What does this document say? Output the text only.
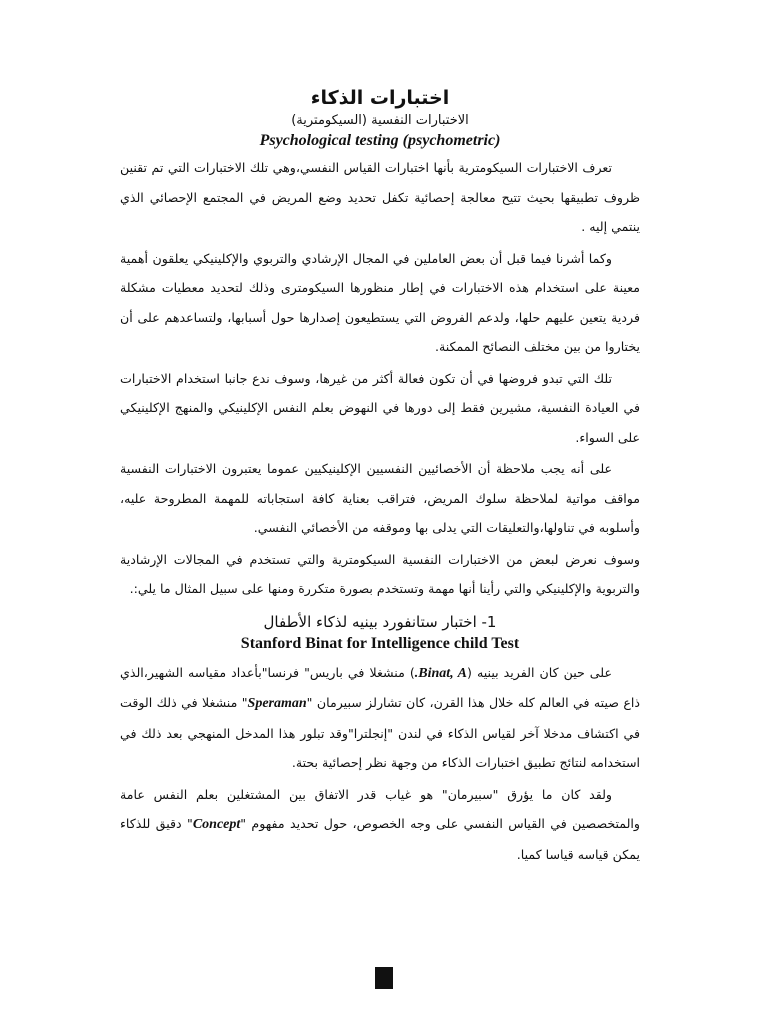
اختبارات الذكاء
الاختبارات النفسية (السيكومترية)
Psychological testing (psychometric)

تعرف الاختبارات السيكومترية بأنها اختبارات القياس النفسي،وهي تلك الاختبارات التي تم تقنين ظروف تطبيقها بحيث تتيح معالجة إحصائية تكفل تحديد وضع المريض في المجتمع الإحصائي الذي ينتمي إليه .

وكما أشرنا فيما قبل أن بعض العاملين في المجال الإرشادي والتربوي والإكلينيكي يعلقون أهمية معينة على استخدام هذه الاختبارات في إطار منظورها السيكومترى وذلك لتحديد معطيات مشكلة فردية يتعين عليهم حلها، ولدعم الفروض التي يستطيعون إصدارها حول أسبابها، ولتساعدهم على أن يختاروا من بين مختلف النصائح الممكنة.

تلك التي تبدو فروضها في أن تكون فعالة أكثر من غيرها، وسوف ندع جانبا استخدام الاختبارات في العيادة النفسية، مشيرين فقط إلى دورها في النهوض بعلم النفس الإكلينيكي والمنهج الإكلينيكي على السواء.

على أنه يجب ملاحظة أن الأخصائيين النفسيين الإكلينيكيين عموما يعتبرون الاختبارات النفسية مواقف مواتية لملاحظة سلوك المريض، فتراقب بعناية كافة استجاباته للمهمة المطروحة عليه، وأسلوبه في تناولها،والتعليقات التي يدلى بها وموقفه من الأخصائي النفسي.

وسوف نعرض لبعض من الاختبارات النفسية السيكومترية والتي تستخدم في المجالات الإرشادية والتربوية والإكلينيكي والتي رأينا أنها مهمة وتستخدم بصورة متكررة ومنها على سبيل المثال ما يلي:.

1- اختبار ستانفورد بينيه لذكاء الأطفال
Stanford Binat for Intelligence child Test

على حين كان الفريد بينيه (Binat, A.) منشغلا في باريس" فرنسا"بأعداد مقياسه الشهير،الذي ذاع صيته في العالم كله خلال هذا القرن، كان تشارلز سبيرمان "Speraman" منشغلا في ذلك الوقت في اكتشاف مدخلا آخر لقياس الذكاء في لندن "إنجلترا"وقد تبلور هذا المدخل المنهجي بعد ذلك في استخدامه لنتائج تطبيق اختبارات الذكاء من وجهة نظر إحصائية بحتة.

ولقد كان ما يؤرق "سبيرمان" هو غياب قدر الاتفاق بين المشتغلين بعلم النفس عامة والمتخصصين في القياس النفسي على وجه الخصوص، حول تحديد مفهوم "Concept" دقيق للذكاء يمكن قياسه قياسا كميا.
